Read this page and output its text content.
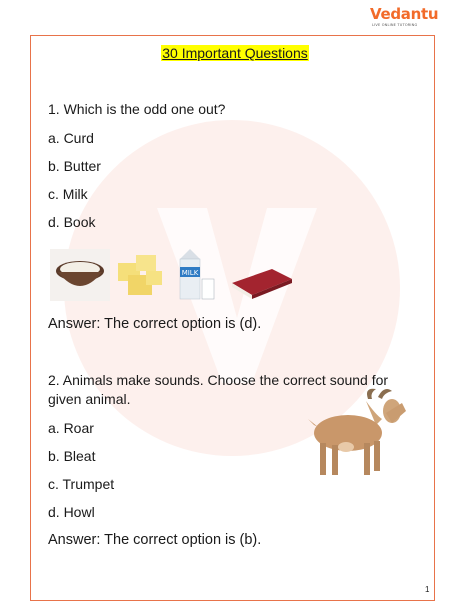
Vedantu
LIVE ONLINE TUTORING
30 Important Questions
1. Which is the odd one out?
a. Curd
b. Butter
c. Milk
d. Book
MILK
Answer: The correct option is (d).
2. Animals make sounds. Choose the correct sound for given animal.
a. Roar
b. Bleat
c. Trumpet
d. Howl
Answer: The correct option is (b).
1
